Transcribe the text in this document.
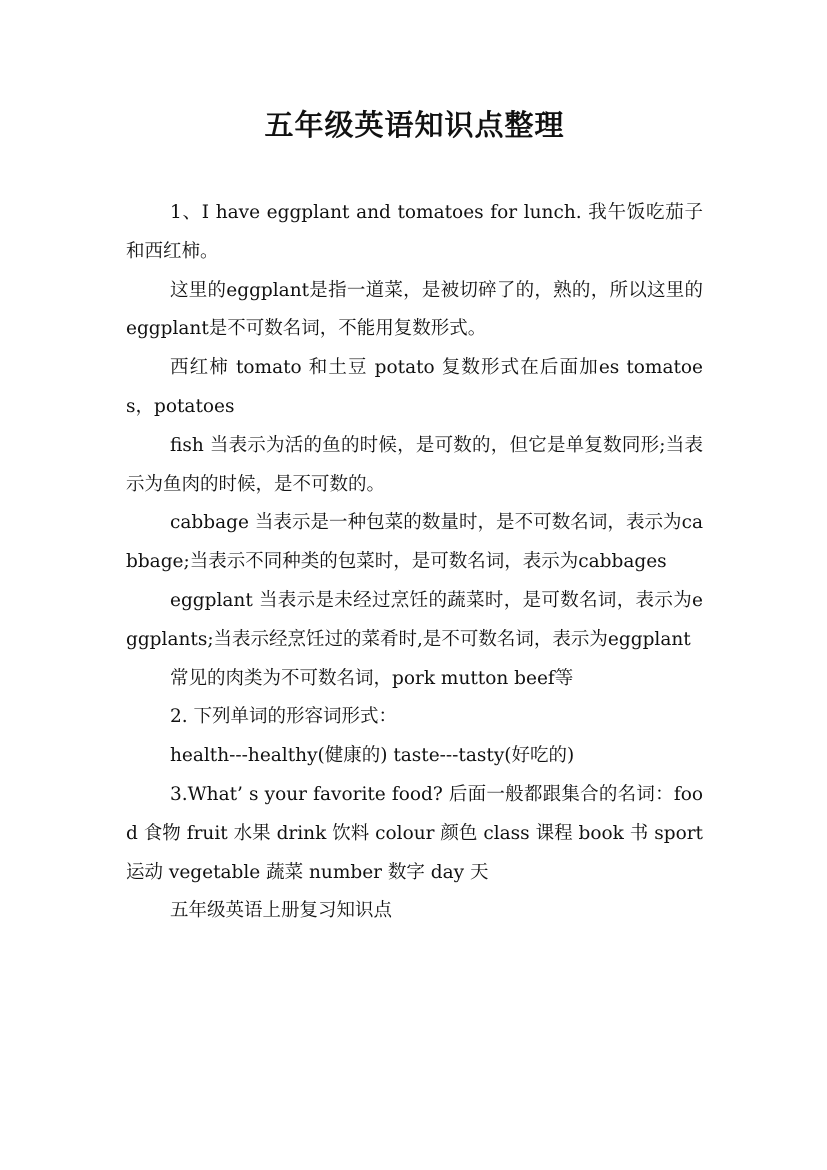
五年级英语知识点整理

1、I have eggplant and tomatoes for lunch. 我午饭吃茄子和西红柿。

这里的eggplant是指一道菜，是被切碎了的，熟的，所以这里的eggplant是不可数名词，不能用复数形式。

西红柿 tomato 和土豆 potato 复数形式在后面加es tomatoes，potatoes

fish 当表示为活的鱼的时候，是可数的，但它是单复数同形;当表示为鱼肉的时候，是不可数的。

cabbage 当表示是一种包菜的数量时，是不可数名词，表示为cabbage;当表示不同种类的包菜时，是可数名词，表示为cabbages

eggplant 当表示是未经过烹饪的蔬菜时，是可数名词，表示为eggplants;当表示经烹饪过的菜肴时,是不可数名词，表示为eggplant

常见的肉类为不可数名词，pork mutton beef等

2. 下列单词的形容词形式：

health---healthy(健康的) taste---tasty(好吃的)

3.What’ s your favorite food? 后面一般都跟集合的名词：food 食物 fruit 水果 drink 饮料 colour 颜色 class 课程 book 书 sport 运动 vegetable 蔬菜 number 数字 day 天

五年级英语上册复习知识点
